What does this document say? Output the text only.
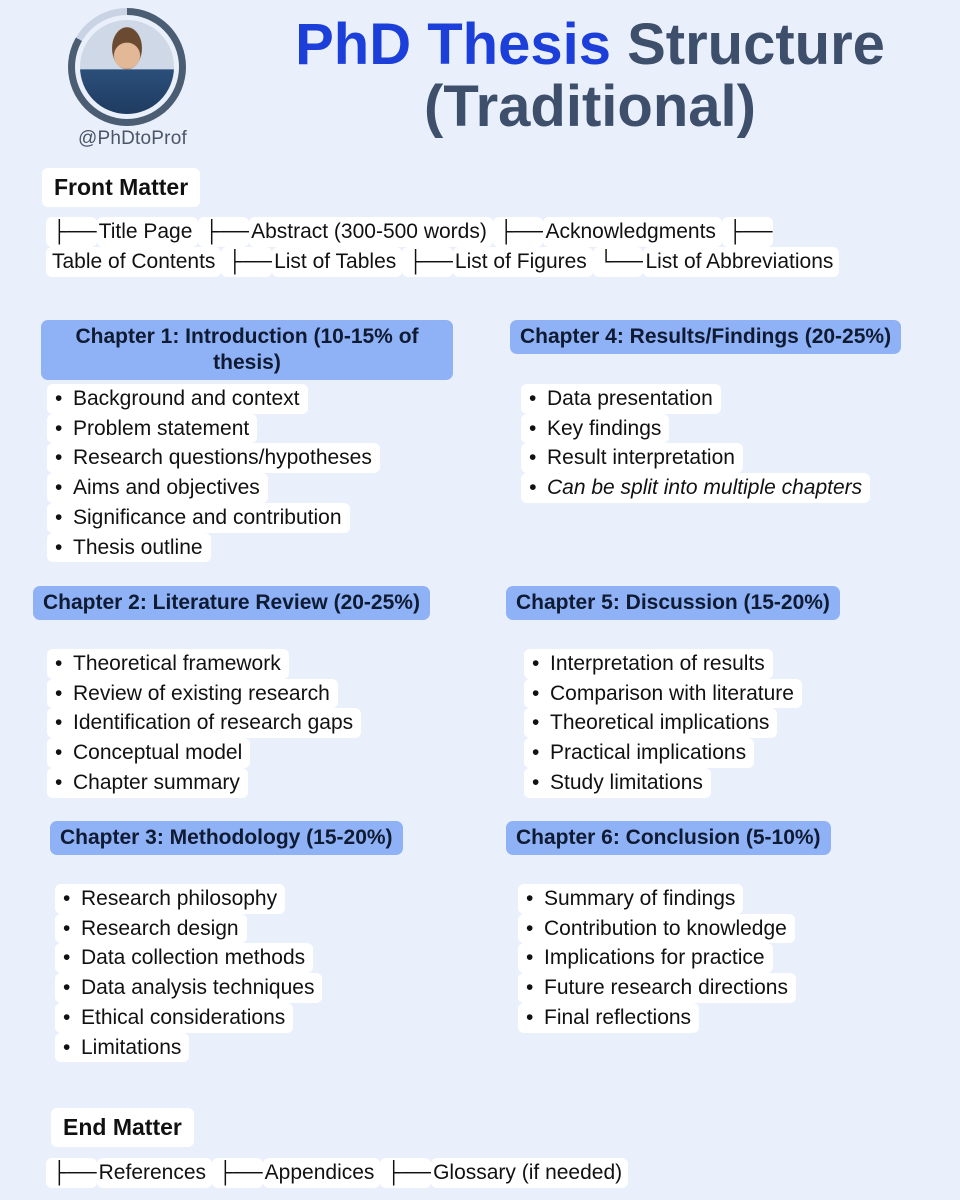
@PhDtoProf
PhD Thesis Structure
(Traditional)
Front Matter
├── Title Page ├── Abstract (300-500 words) ├── Acknowledgments ├──
Table of Contents ├── List of Tables ├── List of Figures └── List of Abbreviations
Chapter 1: Introduction (10-15% of
thesis)
• Background and context
• Problem statement
• Research questions/hypotheses
• Aims and objectives
• Significance and contribution
• Thesis outline
Chapter 2: Literature Review (20-25%)
• Theoretical framework
• Review of existing research
• Identification of research gaps
• Conceptual model
• Chapter summary
Chapter 3: Methodology (15-20%)
• Research philosophy
• Research design
• Data collection methods
• Data analysis techniques
• Ethical considerations
• Limitations
Chapter 4: Results/Findings (20-25%)
• Data presentation
• Key findings
• Result interpretation
• Can be split into multiple chapters
Chapter 5: Discussion (15-20%)
• Interpretation of results
• Comparison with literature
• Theoretical implications
• Practical implications
• Study limitations
Chapter 6: Conclusion (5-10%)
• Summary of findings
• Contribution to knowledge
• Implications for practice
• Future research directions
• Final reflections
End Matter
├── References ├── Appendices ├── Glossary (if needed)
